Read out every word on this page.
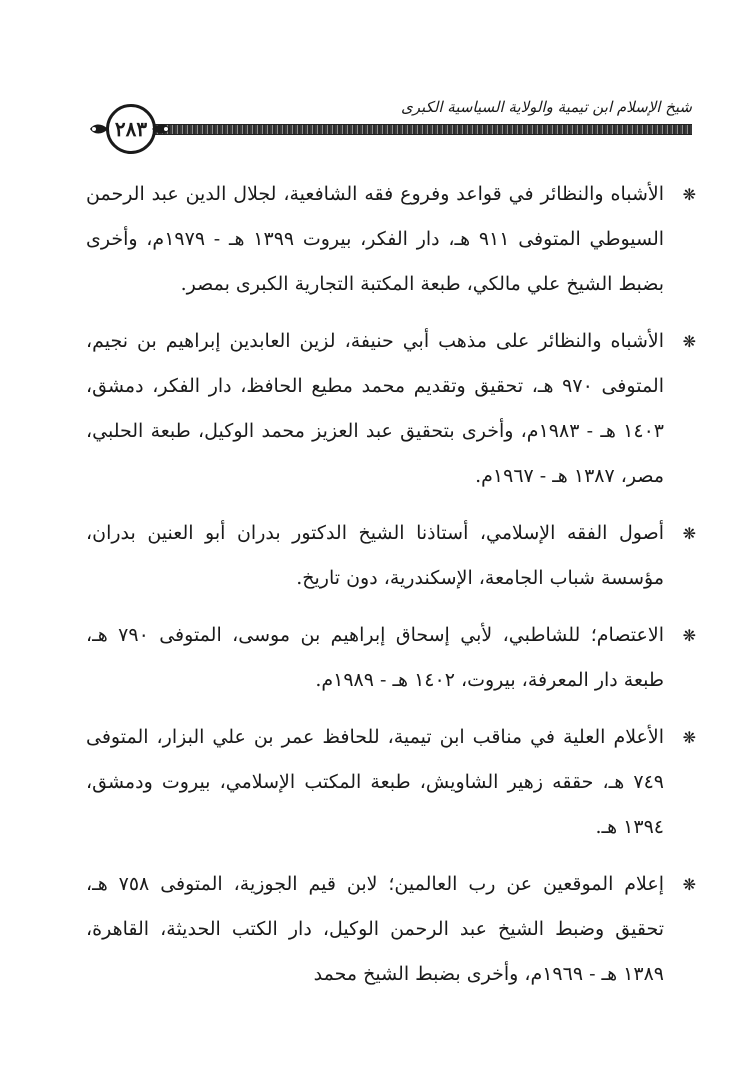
شيخ الإسلام ابن تيمية والولاية السياسية الكبرى
٢٨٣
❋
الأشباه والنظائر في قواعد وفروع فقه الشافعية، لجلال الدين عبد الرحمن السيوطي المتوفى ٩١١ هـ، دار الفكر، بيروت ١٣٩٩ هـ - ١٩٧٩م، وأخرى بضبط الشيخ علي مالكي، طبعة المكتبة التجارية الكبرى بمصر.
❋
الأشباه والنظائر على مذهب أبي حنيفة، لزين العابدين إبراهيم بن نجيم، المتوفى ٩٧٠ هـ، تحقيق وتقديم محمد مطيع الحافظ، دار الفكر، دمشق، ١٤٠٣ هـ - ١٩٨٣م، وأخرى بتحقيق عبد العزيز محمد الوكيل، طبعة الحلبي، مصر، ١٣٨٧ هـ - ١٩٦٧م.
❋
أصول الفقه الإسلامي، أستاذنا الشيخ الدكتور بدران أبو العنين بدران، مؤسسة شباب الجامعة، الإسكندرية، دون تاريخ.
❋
الاعتصام؛ للشاطبي، لأبي إسحاق إبراهيم بن موسى، المتوفى ٧٩٠ هـ، طبعة دار المعرفة، بيروت، ١٤٠٢ هـ - ١٩٨٩م.
❋
الأعلام العلية في مناقب ابن تيمية، للحافظ عمر بن علي البزار، المتوفى ٧٤٩ هـ، حققه زهير الشاويش، طبعة المكتب الإسلامي، بيروت ودمشق، ١٣٩٤ هـ.
❋
إعلام الموقعين عن رب العالمين؛ لابن قيم الجوزية، المتوفى ٧٥٨ هـ، تحقيق وضبط الشيخ عبد الرحمن الوكيل، دار الكتب الحديثة، القاهرة، ١٣٨٩ هـ - ١٩٦٩م، وأخرى بضبط الشيخ محمد
